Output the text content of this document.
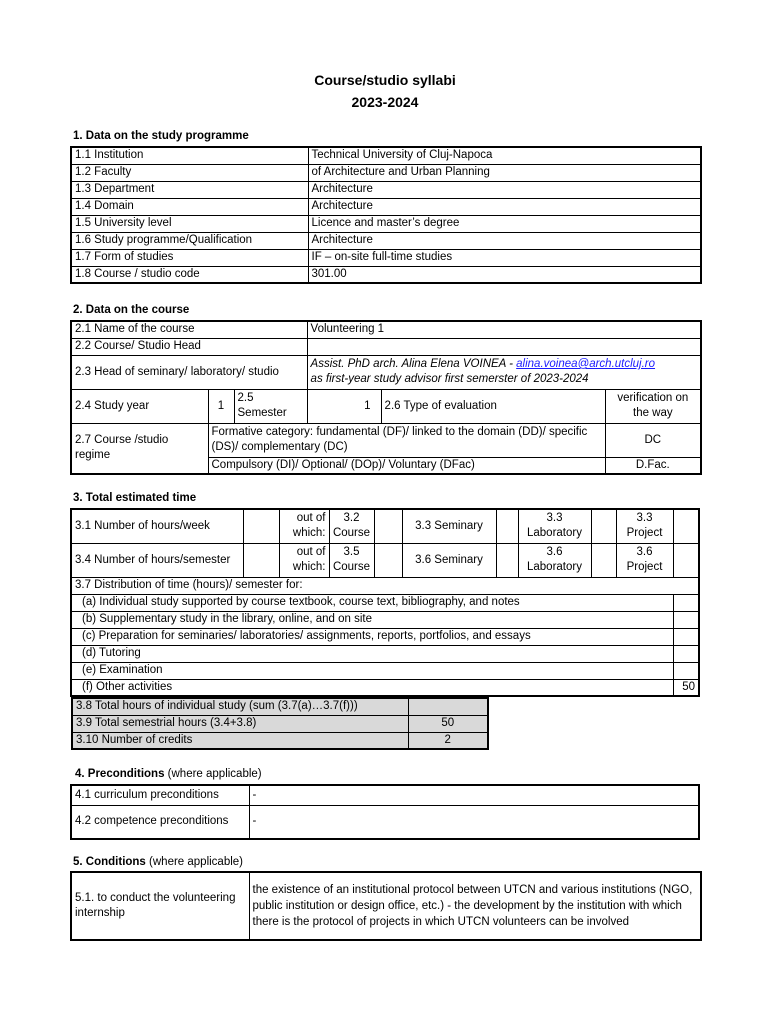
Course/studio syllabi
2023-2024
1. Data on the study programme
1.1 Institution	Technical University of Cluj-Napoca
1.2 Faculty	of Architecture and Urban Planning
1.3 Department	Architecture
1.4 Domain	Architecture
1.5 University level	Licence and master’s degree
1.6 Study programme/Qualification	Architecture
1.7 Form of studies	IF – on-site full-time studies
1.8 Course / studio code	301.00
2. Data on the course
2.1 Name of the course			Volunteering 1		
2.2 Course/ Studio Head					
2.3 Head of seminary/ laboratory/ studio			Assist. PhD arch. Alina Elena VOINEA - alina.voinea@arch.utcluj.ro
as first-year study advisor first semerster of 2023-2024		
2.4 Study year	1	2.5 Semester	1	2.6 Type of evaluation	verification on the way
2.7 Course /studio regime	Formative category: fundamental (DF)/ linked to the domain (DD)/ specific (DS)/ complementary (DC)				DC
	Compulsory (DI)/ Optional/ (DOp)/ Voluntary (DFac)				D.Fac.
3. Total estimated time
3.1 Number of hours/week		out of which:	3.2 Course		3.3 Seminary		3.3 Laboratory		3.3 Project	
3.4 Number of hours/semester		out of which:	3.5 Course		3.6 Seminary		3.6 Laboratory		3.6 Project	
3.7 Distribution of time (hours)/ semester for:										
(a) Individual study supported by course textbook, course text, bibliography, and notes										
(b) Supplementary study in the library, online, and on site										
(c) Preparation for seminaries/ laboratories/ assignments, reports, portfolios, and essays										
(d) Tutoring										
(e) Examination										
(f) Other activities										50
3.8 Total hours of individual study (sum (3.7(a)…3.7(f)))	
3.9 Total semestrial hours (3.4+3.8)	50
3.10 Number of credits	2
4. Preconditions (where applicable)
4.1 curriculum preconditions	-
4.2 competence preconditions	-
5. Conditions (where applicable)
5.1. to conduct the volunteering internship	the existence of an institutional protocol between UTCN and various institutions (NGO, public institution or design office, etc.) - the development by the institution with which there is the protocol of projects in which UTCN volunteers can be involved
